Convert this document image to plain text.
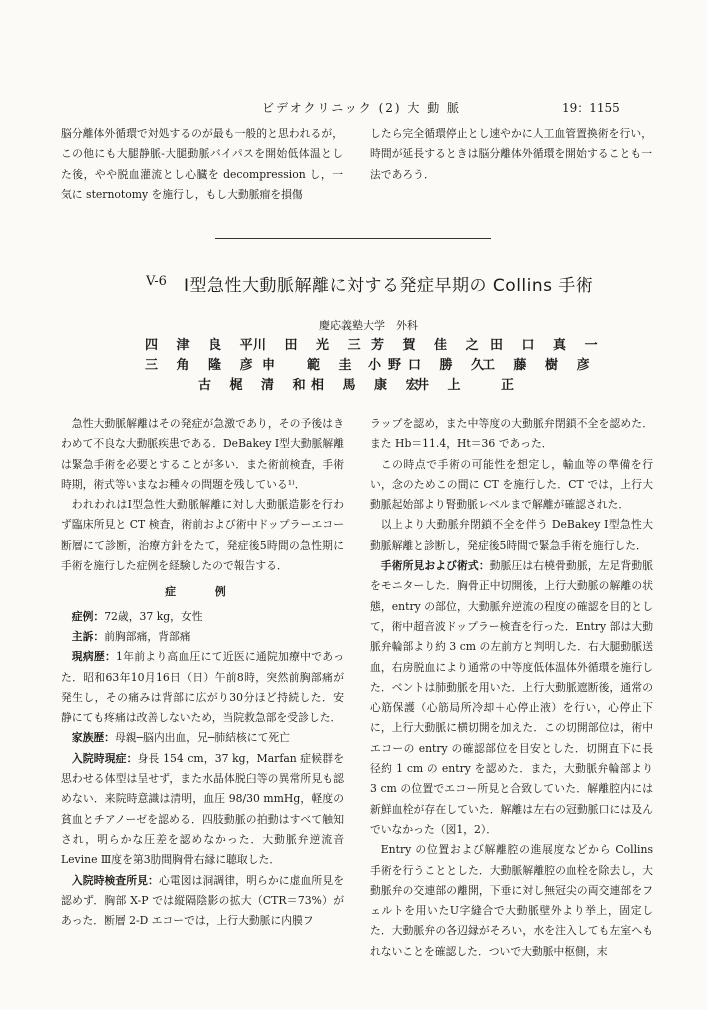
ビデオクリニック (2) 大 動 脈	19：1155

脳分離体外循環で対処するのが最も一般的と思われるが，この他にも大腿静脈-大腿動脈バイパスを開始低体温とした後，やや脱血灌流とし心臓を decompression し，一気に sternotomy を施行し，もし大動脈瘤を損傷

したら完全循環停止とし速やかに人工血管置換術を行い，時間が延長するときは脳分離体外循環を開始することも一法であろう．

V-6 Ⅰ型急性大動脈解離に対する発症早期の Collins 手術
慶応義塾大学　外科
四 津 良 平
川 田 光 三 芳 賀 佳 之 田 口 真 一
三 角 隆 彦 申 範 圭 小野口 勝 久
工 藤 樹 彦
古 梶 清 和
相 馬 康 宏
井 上	正

急性大動脈解離はその発症が急激であり，その予後はきわめて不良な大動脈疾患である．DeBakey Ⅰ型大動脈解離は緊急手術を必要とすることが多い．また術前検査，手術時期，術式等いまなお種々の問題を残している¹⁾．

われわれはⅠ型急性大動脈解離に対し大動脈造影を行わず臨床所見と CT 検査，術前および術中ドップラーエコー断層にて診断，治療方針をたて，発症後5時間の急性期に手術を施行した症例を経験したので報告する．

症　例

症例：72歳，37 kg，女性

主訴：前胸部痛，背部痛

現病歴：1年前より高血圧にて近医に通院加療中であった．昭和63年10月16日（日）午前8時，突然前胸部痛が発生し，その痛みは背部に広がり30分ほど持続した．安静にても疼痛は改善しないため，当院救急部を受診した．

家族歴：母親─脳内出血，兄─肺結核にて死亡

入院時現症：身長 154 cm，37 kg，Marfan 症候群を思わせる体型は呈せず，また水晶体脱臼等の異常所見も認めない．来院時意識は清明，血圧 98/30 mmHg，軽度の貧血とチアノーゼを認める．四肢動脈の拍動はすべて触知され，明らかな圧差を認めなかった．大動脈弁逆流音 Levine Ⅲ度を第3肋間胸骨右縁に聴取した．

入院時検査所見：心電図は洞調律，明らかに虚血所見を認めず．胸部 X-P では縦隔陰影の拡大（CTR＝73%）があった．断層 2-D エコーでは，上行大動脈に内膜フ

ラップを認め，また中等度の大動脈弁閉鎖不全を認めた．また Hb＝11.4，Ht＝36 であった．

この時点で手術の可能性を想定し，輸血等の準備を行い，念のためこの間に CT を施行した．CT では，上行大動脈起始部より腎動脈レベルまで解離が確認された．

以上より大動脈弁閉鎖不全を伴う DeBakey Ⅰ型急性大動脈解離と診断し，発症後5時間で緊急手術を施行した．

手術所見および術式：動脈圧は右橈骨動脈，左足背動脈をモニターした．胸骨正中切開後，上行大動脈の解離の状態，entry の部位，大動脈弁逆流の程度の確認を目的として，術中超音波ドップラー検査を行った．Entry 部は大動脈弁輪部より約 3 cm の左前方と判明した．右大腿動脈送血，右房脱血により通常の中等度低体温体外循環を施行した．ベントは肺動脈を用いた．上行大動脈遮断後，通常の心筋保護（心筋局所冷却＋心停止液）を行い，心停止下に，上行大動脈に横切開を加えた．この切開部位は，術中エコーの entry の確認部位を目安とした．切開直下に長径約 1 cm の entry を認めた．また，大動脈弁輪部より 3 cm の位置でエコー所見と合致していた．解離腔内には新鮮血栓が存在していた．解離は左右の冠動脈口には及んでいなかった（図1，2）．

Entry の位置および解離腔の進展度などから Collins 手術を行うこととした．大動脈解離腔の血栓を除去し，大動脈弁の交連部の離開，下垂に対し無冠尖の両交連部をフェルトを用いたU字縫合で大動脈壁外より挙上，固定した．大動脈弁の各辺縁がそろい，水を注入しても左室へもれないことを確認した．ついで大動脈中枢側，末
